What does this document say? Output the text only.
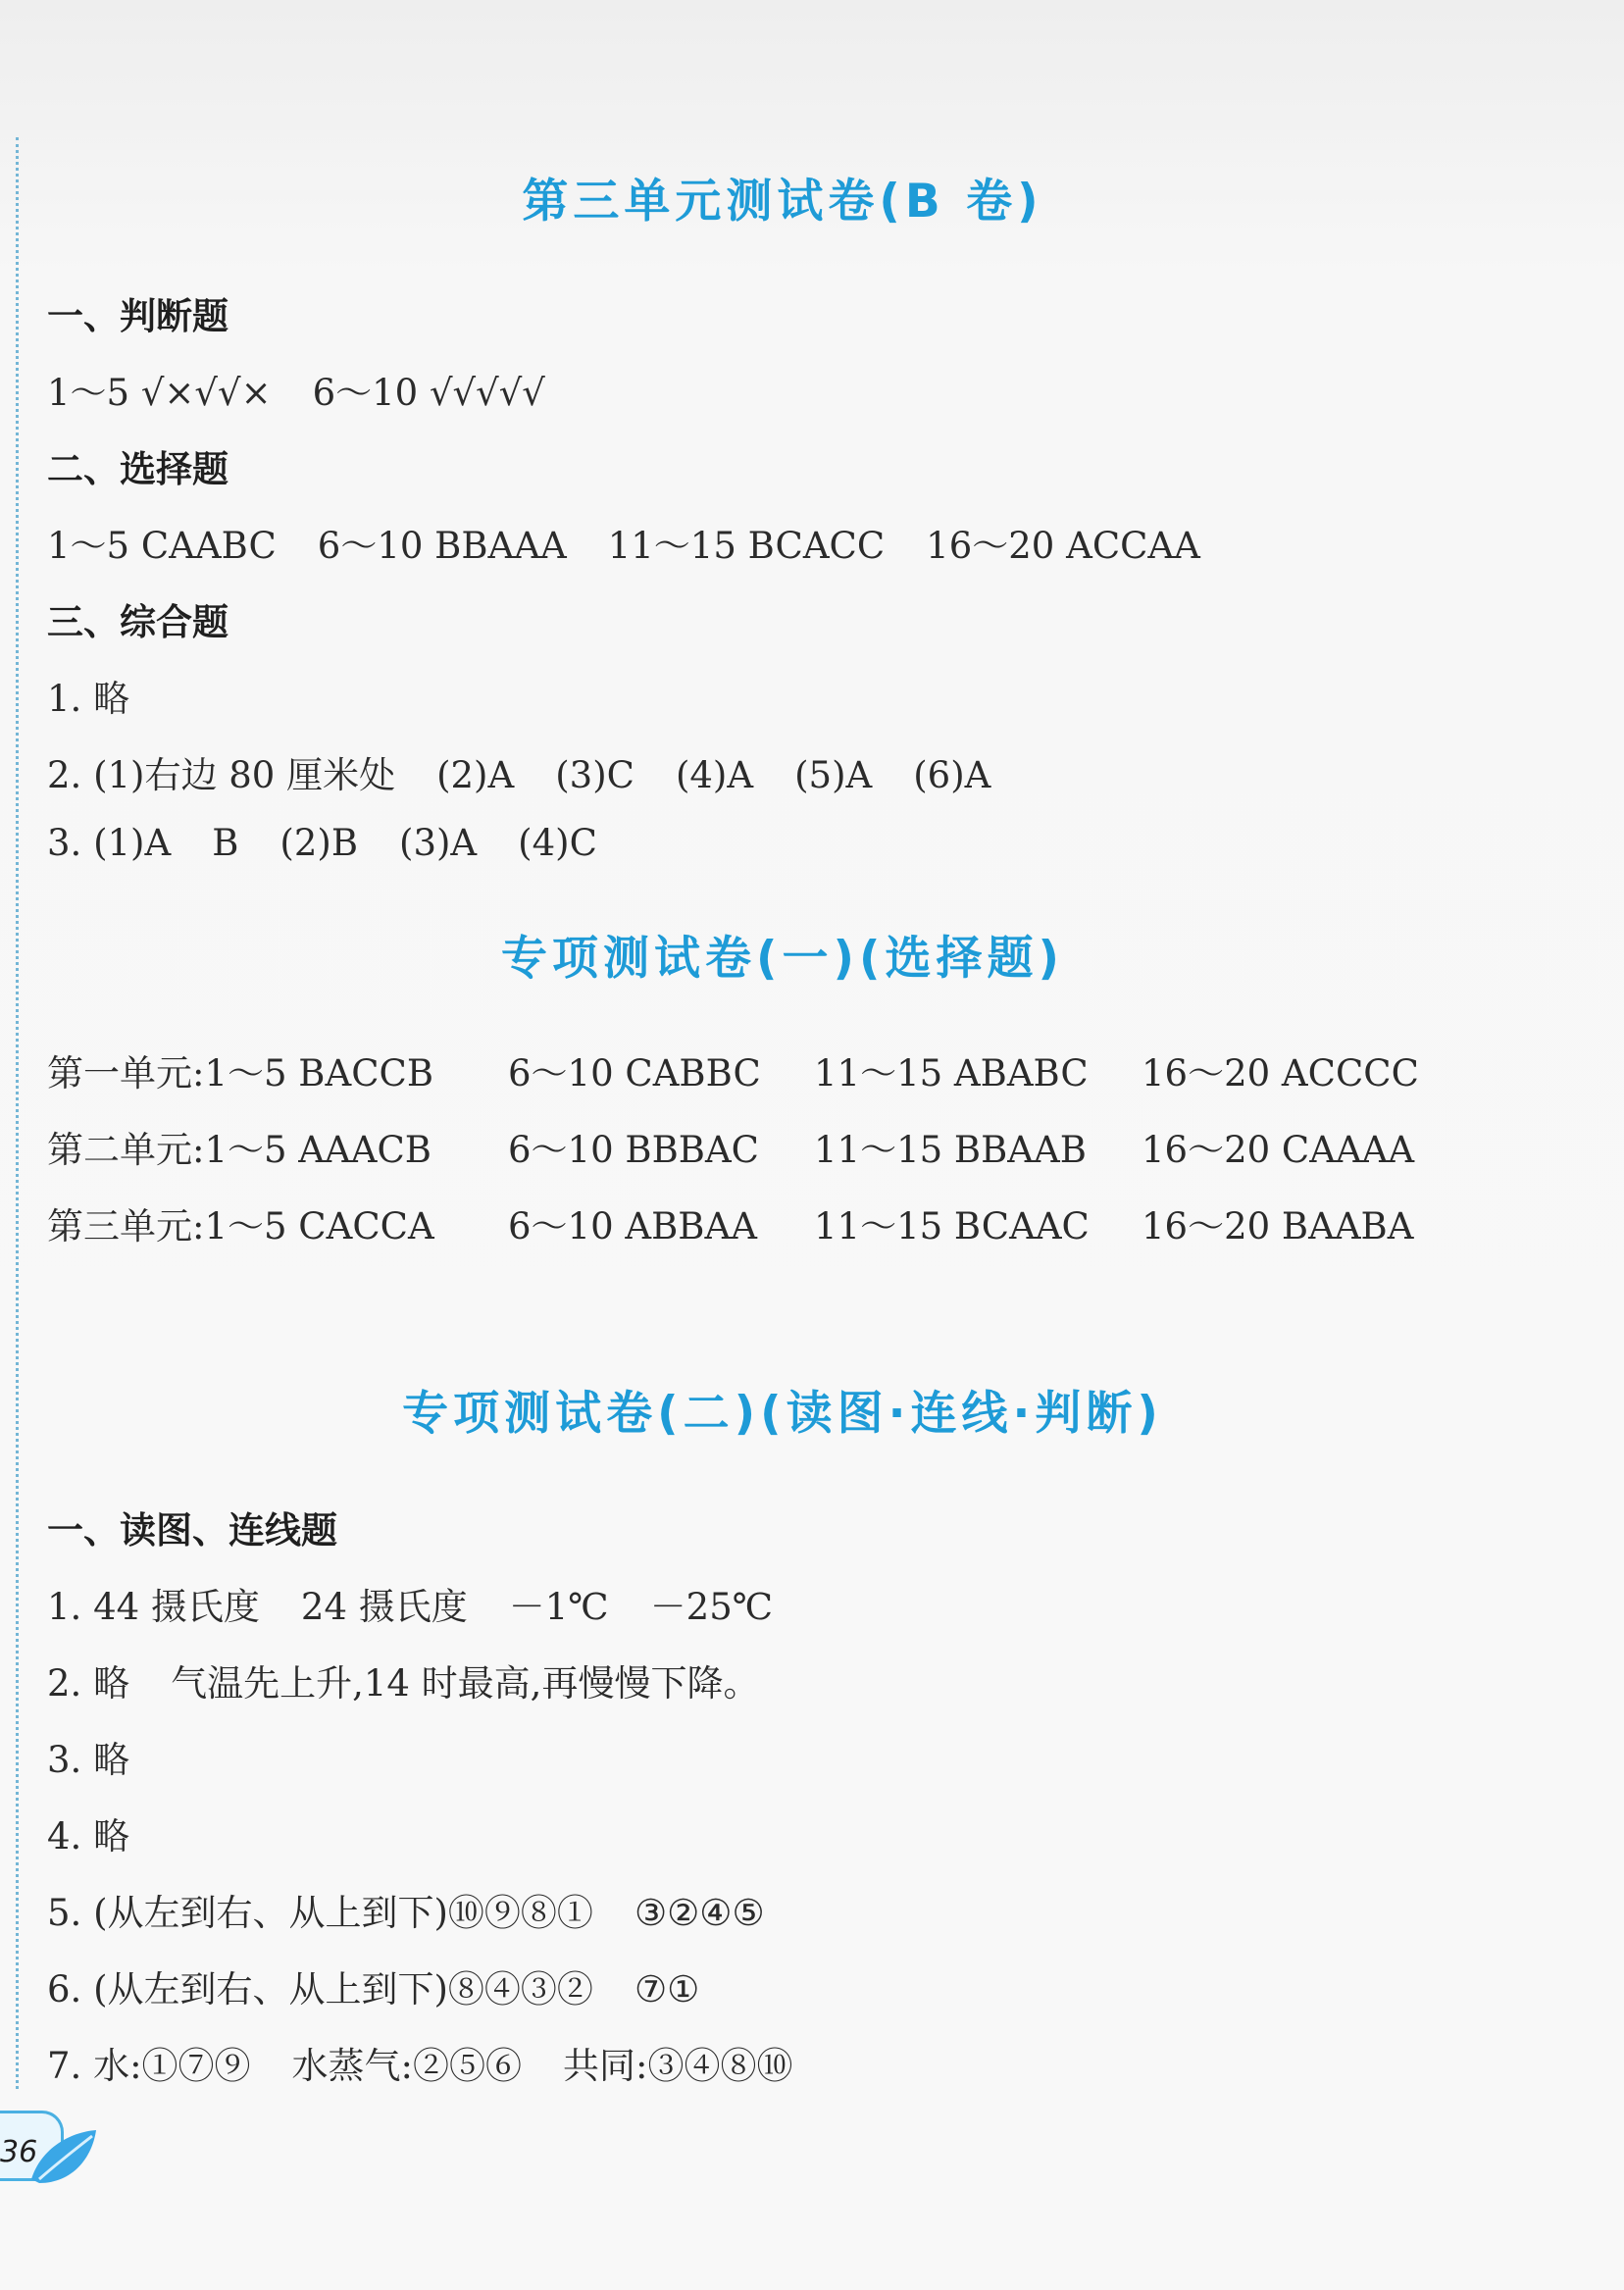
第三单元测试卷(B 卷)

一、判断题

1～5 √×√√× 6～10 √√√√√

二、选择题

1～5 CAABC 6～10 BBAAA 11～15 BCACC 16～20 ACCAA

三、综合题

1. 略

2. (1)右边 80 厘米处 (2)A (3)C (4)A (5)A (6)A

3. (1)A B (2)B (3)A (4)C

专项测试卷(一)(选择题)
第一单元:1～5 BACCB 6～10 CABBC 11～15 ABABC 16～20 ACCCC
第二单元:1～5 AAACB 6～10 BBBAC 11～15 BBAAB 16～20 CAAAA
第三单元:1～5 CACCA 6～10 ABBAA 11～15 BCAAC 16～20 BAABA
专项测试卷(二)(读图·连线·判断)

一、读图、连线题

1. 44 摄氏度 24 摄氏度 －1℃ －25℃

2. 略 气温先上升,14 时最高,再慢慢下降。

3. 略

4. 略

5. (从左到右、从上到下)⑩⑨⑧① ③②④⑤

6. (从左到右、从上到下)⑧④③② ⑦①

7. 水:①⑦⑨ 水蒸气:②⑤⑥ 共同:③④⑧⑩

36
